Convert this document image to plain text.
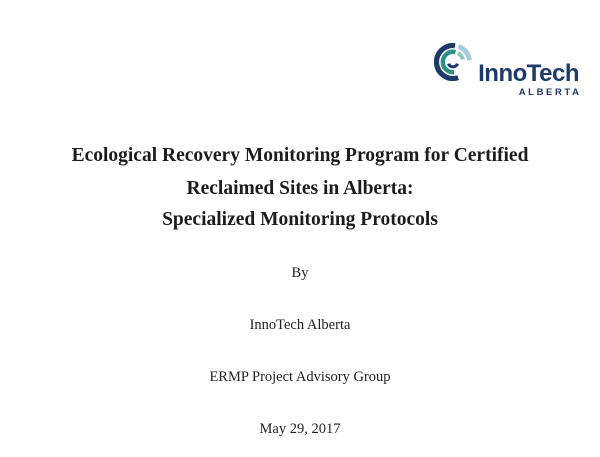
InnoTech
ALBERTA
Ecological Recovery Monitoring Program for Certified
Reclaimed Sites in Alberta:
Specialized Monitoring Protocols
By
InnoTech Alberta
ERMP Project Advisory Group
May 29, 2017
